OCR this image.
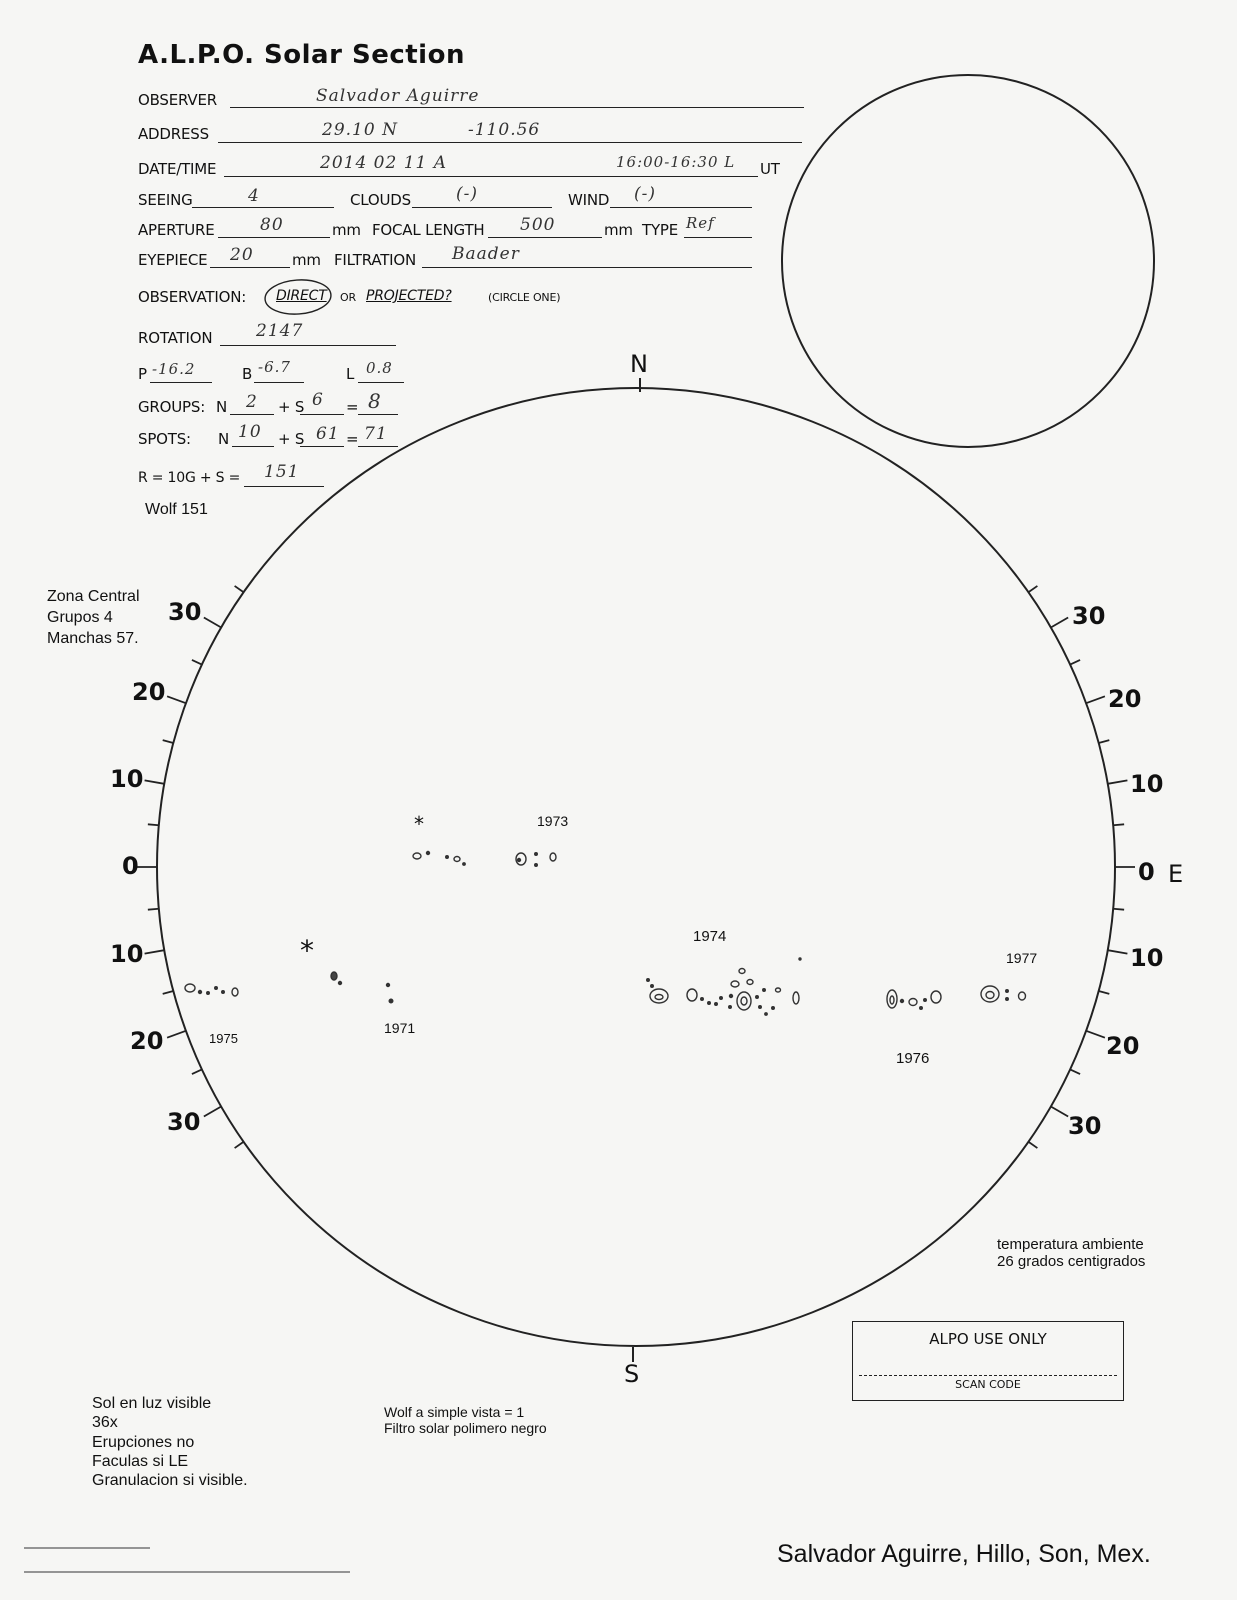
A.L.P.O. Solar Section
OBSERVER	Salvador Aguirre
ADDRESS	29.10 N	-110.56
DATE/TIME	2014 02 11 A	16:00-16:30 L UT
SEEING	4	CLOUDS	(-)	WIND (-)
APERTURE	80	mm FOCAL LENGTH 500	mm TYPE Ref
EYEPIECE 20	mm FILTRATION Baader
OBSERVATION: DIRECT OR PROJECTED?	(CIRCLE ONE)
ROTATION	2147
P -16.2	B -6.7	L 0.8
GROUPS: N 2 + S 6 = 8
SPOTS: N 10 + S 61 = 71
R = 10G + S = 151
Wolf 151
Zona Central
Grupos 4
Manchas 57.
temperatura ambiente
26 grados centigrados
Sol en luz visible
36x
Erupciones no
Faculas si LE
Granulacion si visible.
Wolf a simple vista = 1
Filtro solar polimero negro
N
S
E
30
20
10
0
10
20
30
30
20
10
0
10
20
30
1973
1974
1977
1975
1971
1976
*
*
ALPO USE ONLY
SCAN CODE
Salvador Aguirre, Hillo, Son, Mex.
